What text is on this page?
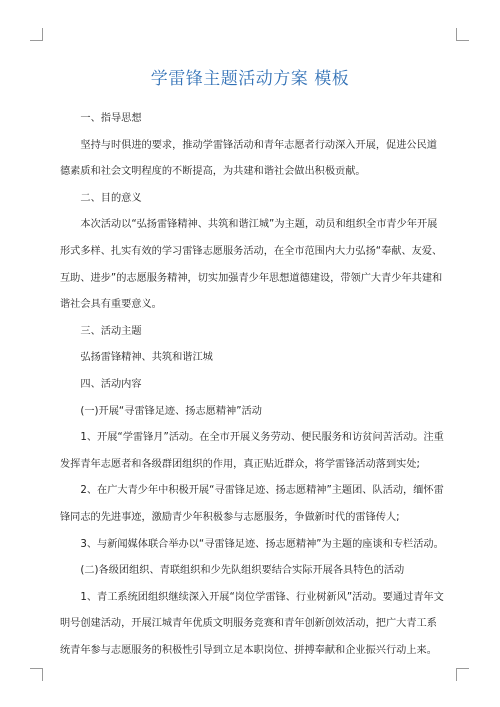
学雷锋主题活动方案 模板

一、指导思想

坚持与时俱进的要求，推动学雷锋活动和青年志愿者行动深入开展，促进公民道德素质和社会文明程度的不断提高，为共建和谐社会做出积极贡献。

二、目的意义

本次活动以“弘扬雷锋精神、共筑和谐江城”为主题，动员和组织全市青少年开展形式多样、扎实有效的学习雷锋志愿服务活动，在全市范围内大力弘扬“奉献、友爱、互助、进步”的志愿服务精神，切实加强青少年思想道德建设，带领广大青少年共建和谐社会具有重要意义。

三、活动主题

弘扬雷锋精神、共筑和谐江城

四、活动内容

(一)开展“寻雷锋足迹、扬志愿精神”活动

1、开展“学雷锋月”活动。在全市开展义务劳动、便民服务和访贫问苦活动。注重发挥青年志愿者和各级群团组织的作用，真正贴近群众，将学雷锋活动落到实处;

2、在广大青少年中积极开展“寻雷锋足迹、扬志愿精神”主题团、队活动，缅怀雷锋同志的先进事迹，激励青少年积极参与志愿服务，争做新时代的雷锋传人;

3、与新闻媒体联合举办以“寻雷锋足迹、扬志愿精神”为主题的座谈和专栏活动。

(二)各级团组织、青联组织和少先队组织要结合实际开展各具特色的活动

1、青工系统团组织继续深入开展“岗位学雷锋、行业树新风”活动。要通过青年文明号创建活动，开展江城青年优质文明服务竞赛和青年创新创效活动，把广大青工系统青年参与志愿服务的积极性引导到立足本职岗位、拼搏奉献和企业振兴行动上来。
